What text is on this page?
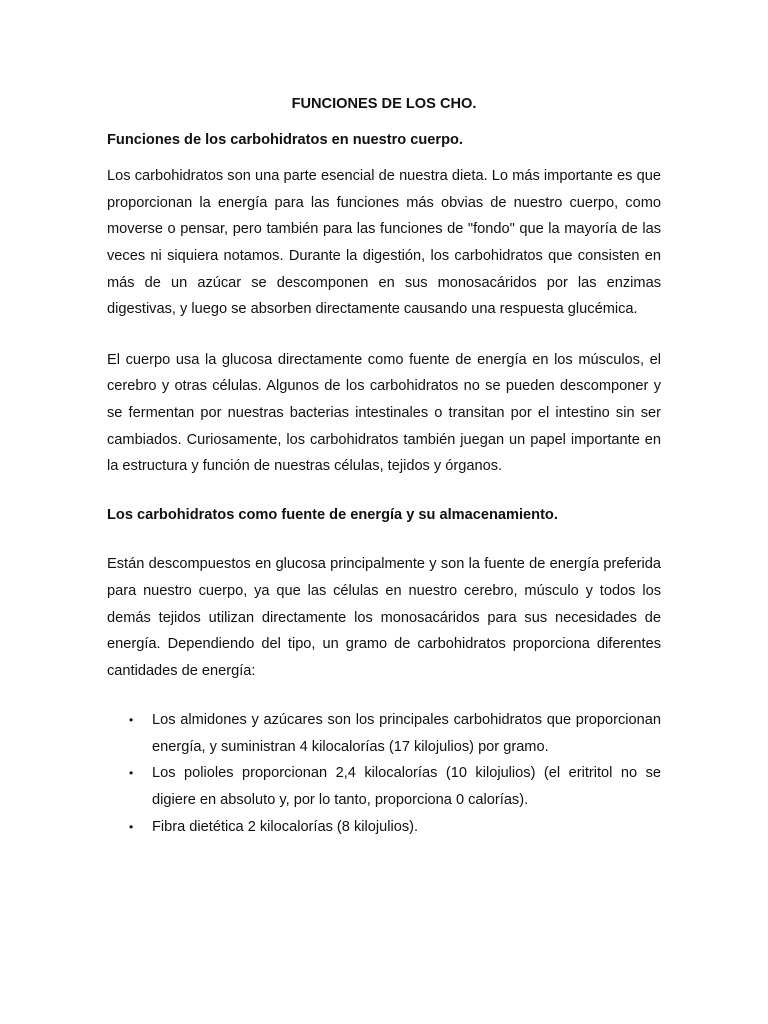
FUNCIONES DE LOS CHO.
Funciones de los carbohidratos en nuestro cuerpo.

Los carbohidratos son una parte esencial de nuestra dieta. Lo más importante es que proporcionan la energía para las funciones más obvias de nuestro cuerpo, como moverse o pensar, pero también para las funciones de "fondo" que la mayoría de las veces ni siquiera notamos. Durante la digestión, los carbohidratos que consisten en más de un azúcar se descomponen en sus monosacáridos por las enzimas digestivas, y luego se absorben directamente causando una respuesta glucémica.

El cuerpo usa la glucosa directamente como fuente de energía en los músculos, el cerebro y otras células. Algunos de los carbohidratos no se pueden descomponer y se fermentan por nuestras bacterias intestinales o transitan por el intestino sin ser cambiados. Curiosamente, los carbohidratos también juegan un papel importante en la estructura y función de nuestras células, tejidos y órganos.

Los carbohidratos como fuente de energía y su almacenamiento.

Están descompuestos en glucosa principalmente y son la fuente de energía preferida para nuestro cuerpo, ya que las células en nuestro cerebro, músculo y todos los demás tejidos utilizan directamente los monosacáridos para sus necesidades de energía. Dependiendo del tipo, un gramo de carbohidratos proporciona diferentes cantidades de energía:

• Los almidones y azúcares son los principales carbohidratos que proporcionan energía, y suministran 4 kilocalorías (17 kilojulios) por gramo.
• Los polioles proporcionan 2,4 kilocalorías (10 kilojulios) (el eritritol no se digiere en absoluto y, por lo tanto, proporciona 0 calorías).
• Fibra dietética 2 kilocalorías (8 kilojulios).
